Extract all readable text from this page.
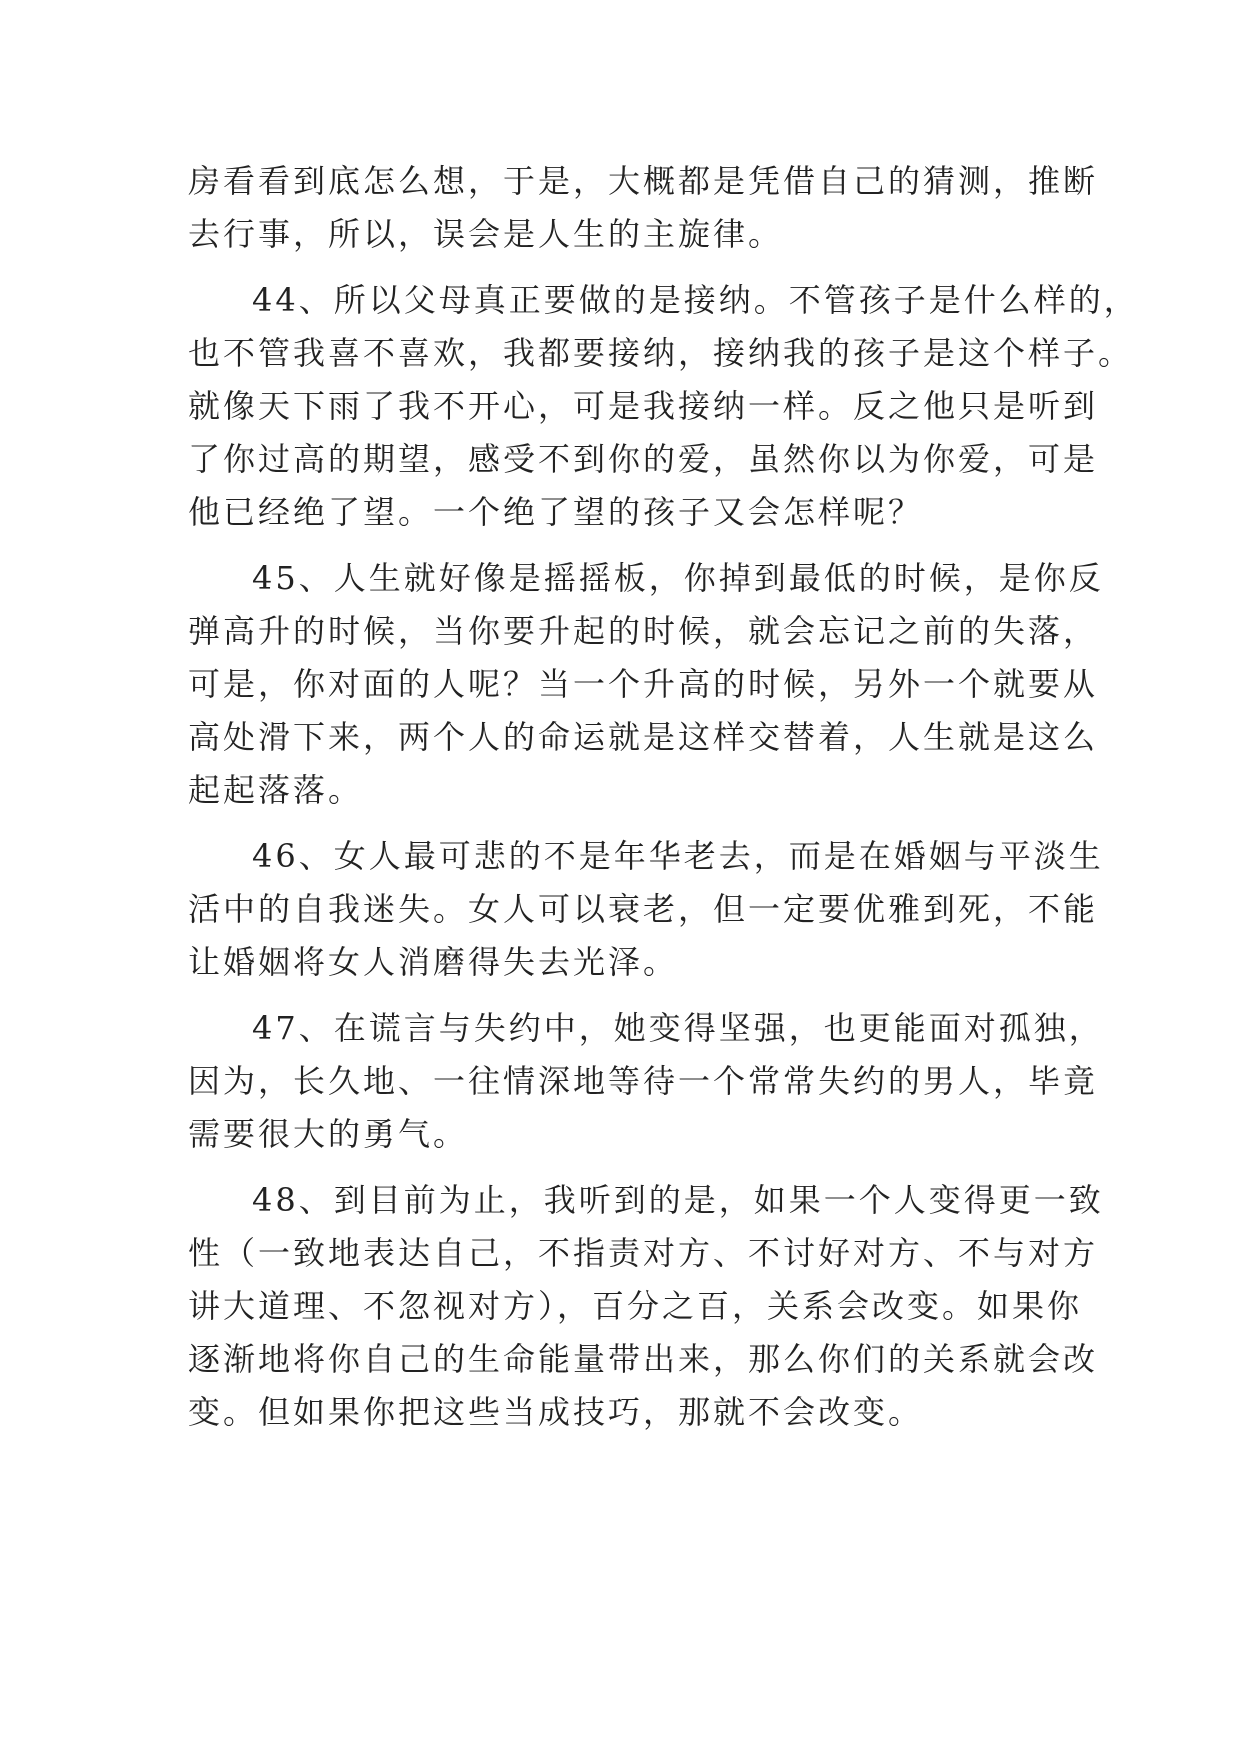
房看看到底怎么想，于是，大概都是凭借自己的猜测，推断
去行事，所以，误会是人生的主旋律。
44、所以父母真正要做的是接纳。不管孩子是什么样的，
也不管我喜不喜欢，我都要接纳，接纳我的孩子是这个样子。
就像天下雨了我不开心，可是我接纳一样。反之他只是听到
了你过高的期望，感受不到你的爱，虽然你以为你爱，可是
他已经绝了望。一个绝了望的孩子又会怎样呢？
45、人生就好像是摇摇板，你掉到最低的时候，是你反
弹高升的时候，当你要升起的时候，就会忘记之前的失落，
可是，你对面的人呢？当一个升高的时候，另外一个就要从
高处滑下来，两个人的命运就是这样交替着，人生就是这么
起起落落。
46、女人最可悲的不是年华老去，而是在婚姻与平淡生
活中的自我迷失。女人可以衰老，但一定要优雅到死，不能
让婚姻将女人消磨得失去光泽。
47、在谎言与失约中，她变得坚强，也更能面对孤独，
因为，长久地、一往情深地等待一个常常失约的男人，毕竟
需要很大的勇气。
48、到目前为止，我听到的是，如果一个人变得更一致
性（一致地表达自己，不指责对方、不讨好对方、不与对方
讲大道理、不忽视对方），百分之百，关系会改变。如果你
逐渐地将你自己的生命能量带出来，那么你们的关系就会改
变。但如果你把这些当成技巧，那就不会改变。
